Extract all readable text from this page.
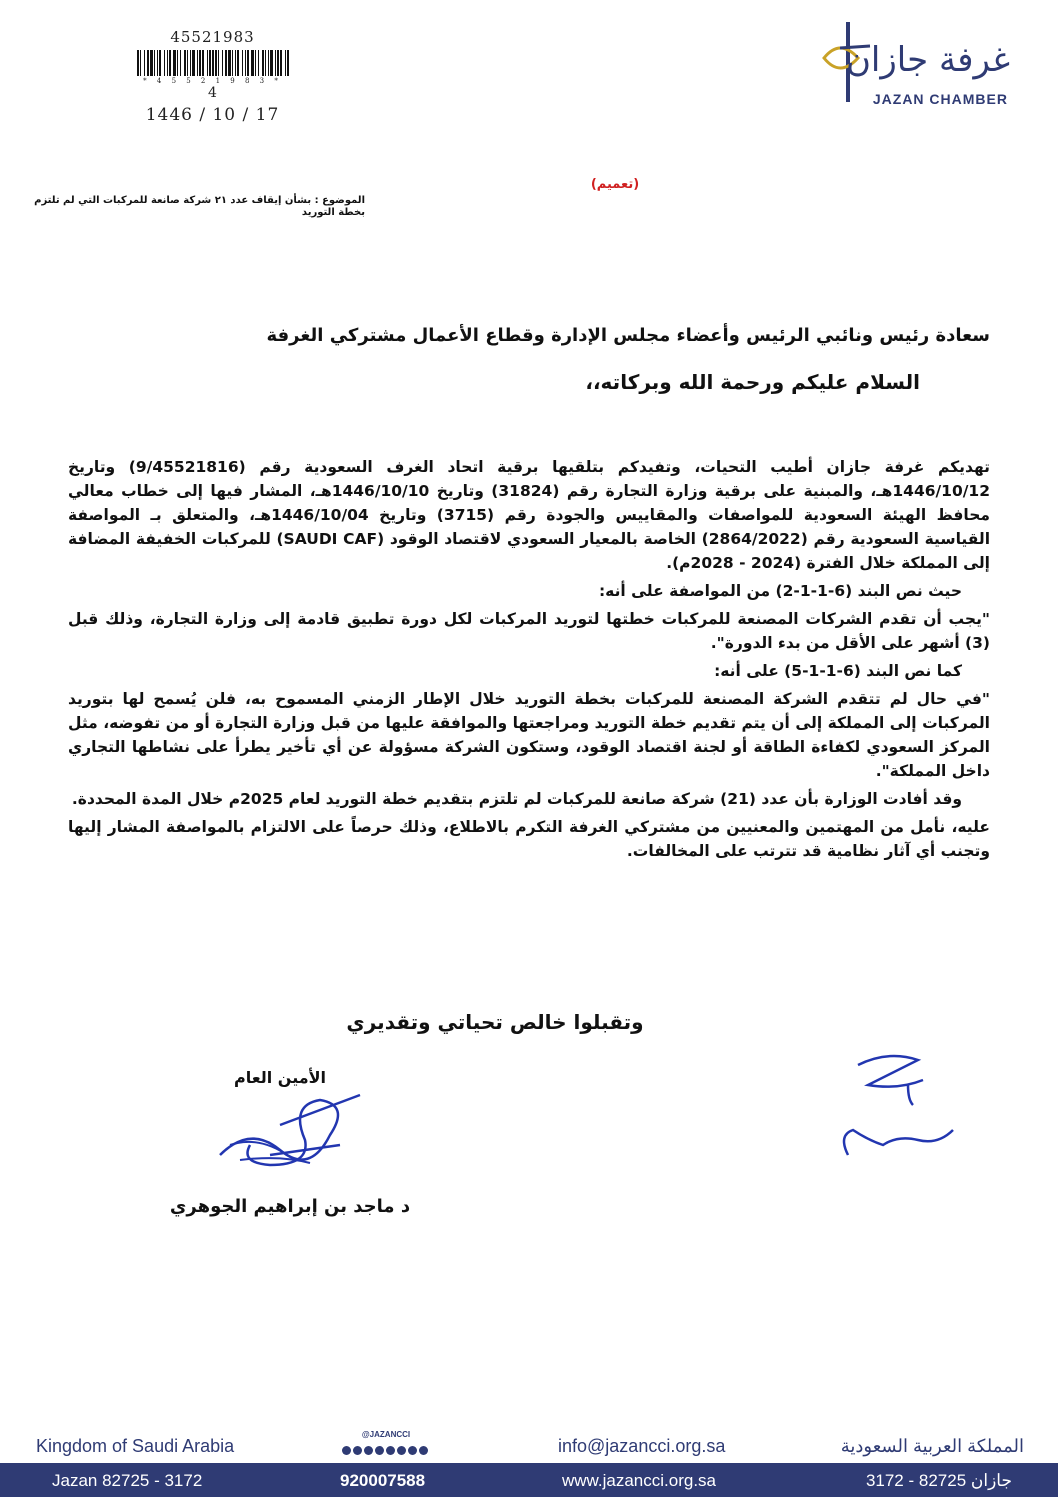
45521983
* 4 5 5 2 1 9 8 3 *
4
1446 / 10 / 17
غرفة جازان
JAZAN CHAMBER
(تعميم)
الموضوع : بشأن إيقاف عدد ٢١ شركة صانعة للمركبات التي لم تلتزم بخطة التوريد
سعادة رئيس ونائبي الرئيس وأعضاء مجلس الإدارة وقطاع الأعمال مشتركي الغرفة
السلام عليكم ورحمة الله وبركاته،،

تهديكم غرفة جازان أطيب التحيات، وتفيدكم بتلقيها برقية اتحاد الغرف السعودية رقم (9/45521816) وتاريخ 1446/10/12هـ، والمبنية على برقية وزارة التجارة رقم (31824) وتاريخ 1446/10/10هـ، المشار فيها إلى خطاب معالي محافظ الهيئة السعودية للمواصفات والمقاييس والجودة رقم (3715) وتاريخ 1446/10/04هـ، والمتعلق بـ المواصفة القياسية السعودية رقم (2864/2022) الخاصة بالمعيار السعودي لاقتصاد الوقود (SAUDI CAF) للمركبات الخفيفة المضافة إلى المملكة خلال الفترة (2024 - 2028م).

حيث نص البند (6-1-1-2) من المواصفة على أنه:

"يجب أن تقدم الشركات المصنعة للمركبات خطتها لتوريد المركبات لكل دورة تطبيق قادمة إلى وزارة التجارة، وذلك قبل (3) أشهر على الأقل من بدء الدورة".

كما نص البند (6-1-1-5) على أنه:

"في حال لم تتقدم الشركة المصنعة للمركبات بخطة التوريد خلال الإطار الزمني المسموح به، فلن يُسمح لها بتوريد المركبات إلى المملكة إلى أن يتم تقديم خطة التوريد ومراجعتها والموافقة عليها من قبل وزارة التجارة أو من تفوضه، مثل المركز السعودي لكفاءة الطاقة أو لجنة اقتصاد الوقود، وستكون الشركة مسؤولة عن أي تأخير يطرأ على نشاطها التجاري داخل المملكة".

وقد أفادت الوزارة بأن عدد (21) شركة صانعة للمركبات لم تلتزم بتقديم خطة التوريد لعام 2025م خلال المدة المحددة.

عليه، نأمل من المهتمين والمعنيين من مشتركي الغرفة التكرم بالاطلاع، وذلك حرصاً على الالتزام بالمواصفة المشار إليها وتجنب أي آثار نظامية قد تترتب على المخالفات.

وتقبلوا خالص تحياتي وتقديري
الأمين العام
د ماجد بن إبراهيم الجوهري
Kingdom of Saudi Arabia
@JAZANCCI
info@jazancci.org.sa	المملكة العربية السعودية
Jazan 82725 - 3172	920007588	www.jazancci.org.sa	جازان 82725 - 3172
